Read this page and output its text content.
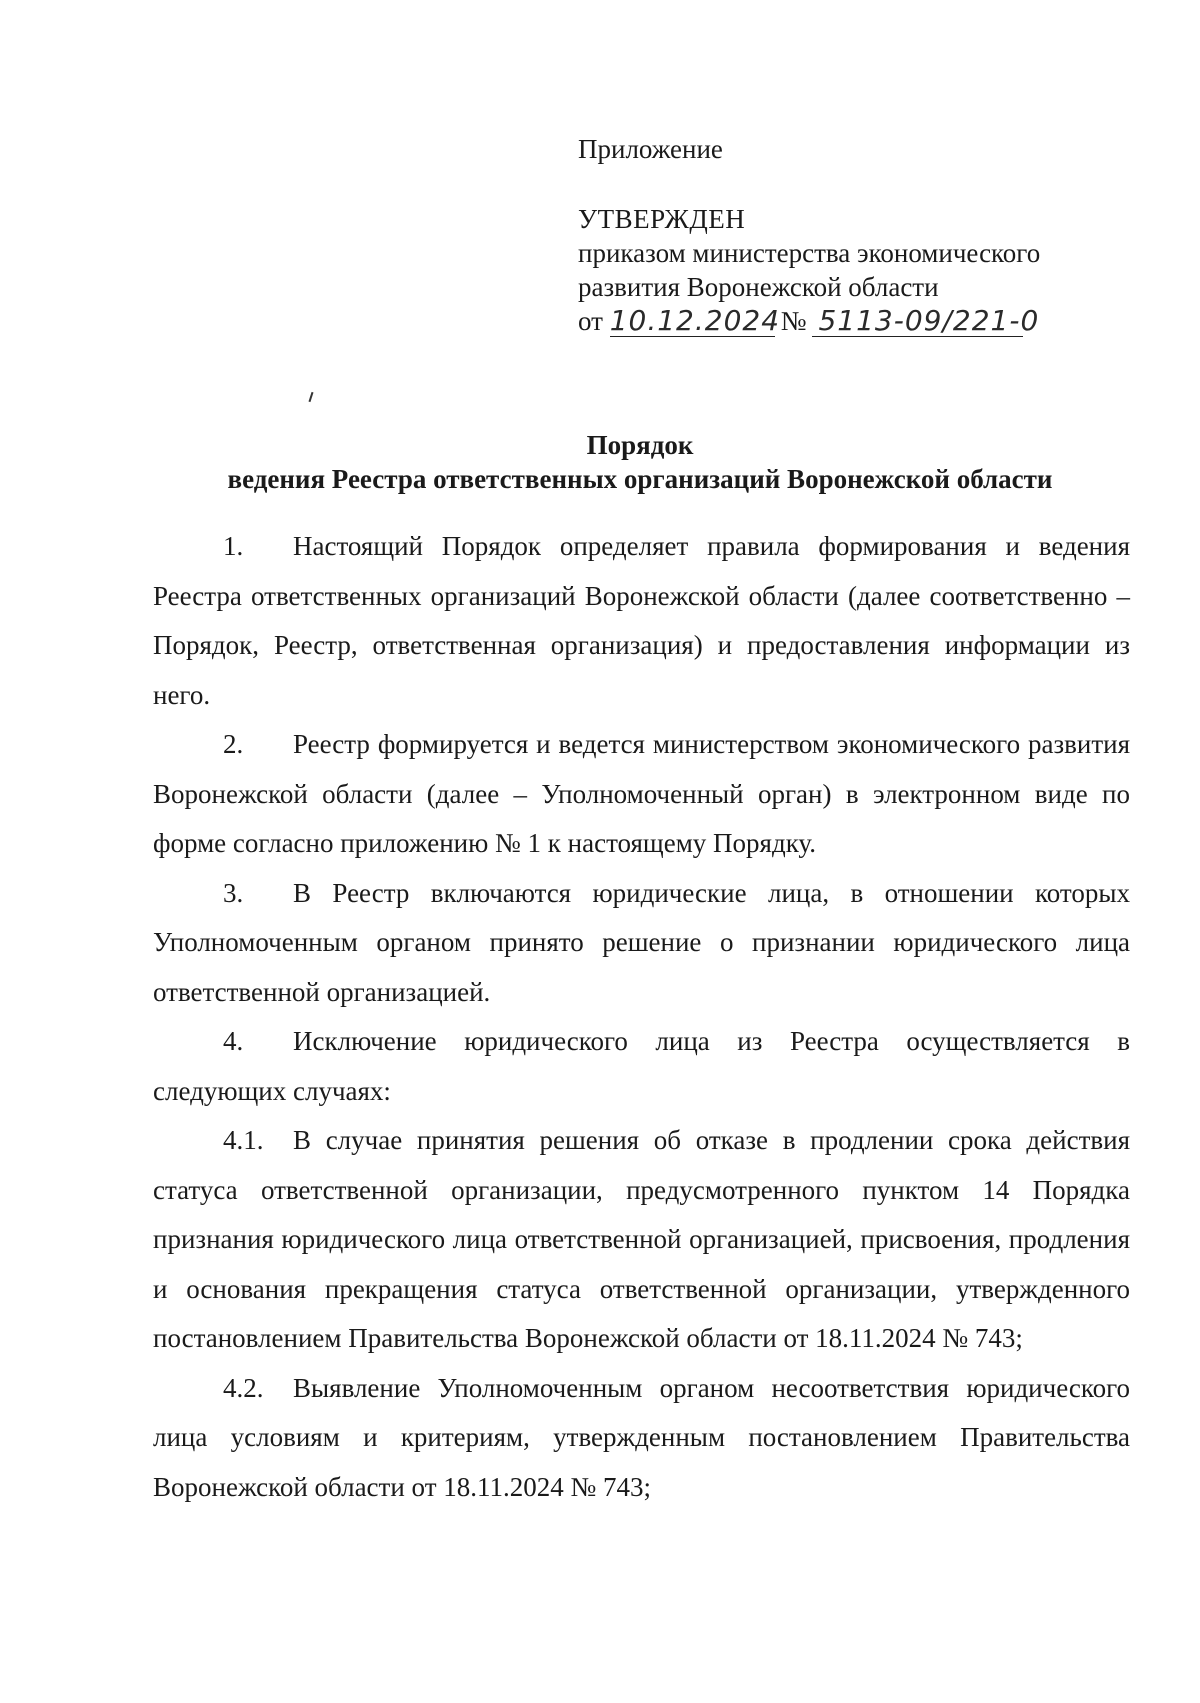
Приложение

УТВЕРЖДЕН

приказом министерства экономического

развития Воронежской области

от 10.12.2024№ 5113-09/221-0

Порядок

ведения Реестра ответственных организаций Воронежской области

1. Настоящий Порядок определяет правила формирования и ведения Реестра ответственных организаций Воронежской области (далее соответственно – Порядок, Реестр, ответственная организация) и предоставления информации из него.

2. Реестр формируется и ведется министерством экономического развития Воронежской области (далее – Уполномоченный орган) в электронном виде по форме согласно приложению № 1 к настоящему Порядку.

3. В Реестр включаются юридические лица, в отношении которых Уполномоченным органом принято решение о признании юридического лица ответственной организацией.

4. Исключение юридического лица из Реестра осуществляется в следующих случаях:

4.1. В случае принятия решения об отказе в продлении срока действия статуса ответственной организации, предусмотренного пунктом 14 Порядка признания юридического лица ответственной организацией, присвоения, продления и основания прекращения статуса ответственной организации, утвержденного постановлением Правительства Воронежской области от 18.11.2024 № 743;

4.2. Выявление Уполномоченным органом несоответствия юридического лица условиям и критериям, утвержденным постановлением Правительства Воронежской области от 18.11.2024 № 743;
